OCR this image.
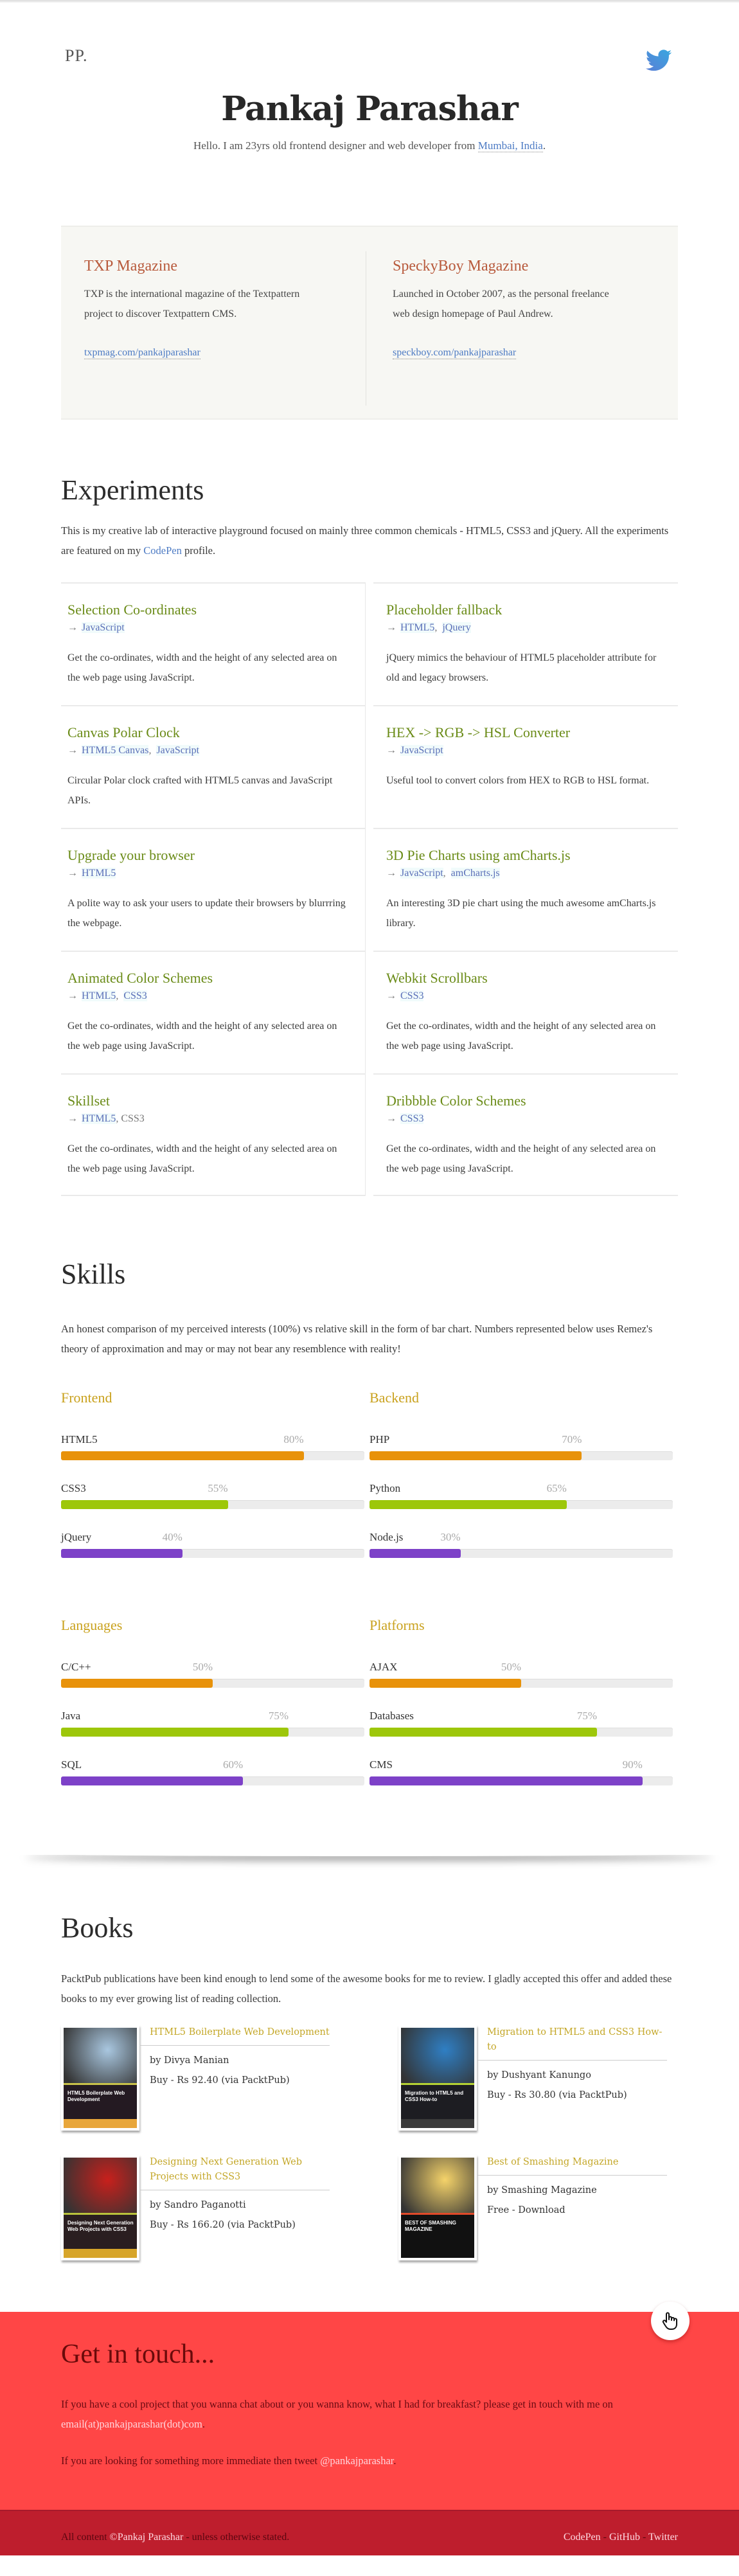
PP.
Pankaj Parashar

Hello. I am 23yrs old frontend designer and web developer from Mumbai, India.

TXP Magazine

TXP is the international magazine of the Textpattern project to discover Textpattern CMS.

txpmag.com/pankajparashar
SpeckyBoy Magazine

Launched in October 2007, as the personal freelance web design homepage of Paul Andrew.

speckboy.com/pankajparashar
Experiments

This is my creative lab of interactive playground focused on mainly three common chemicals - HTML5, CSS3 and jQuery. All the experiments are featured on my CodePen profile.

Selection Co-ordinates
→ JavaScript

Get the co-ordinates, width and the height of any selected area on the web page using JavaScript.

Placeholder fallback
→ HTML5,  jQuery

jQuery mimics the behaviour of HTML5 placeholder attribute for old and legacy browsers.

Canvas Polar Clock
→ HTML5 Canvas,  JavaScript

Circular Polar clock crafted with HTML5 canvas and JavaScript APIs.

HEX -> RGB -> HSL Converter
→ JavaScript

Useful tool to convert colors from HEX to RGB to HSL format.

Upgrade your browser
→ HTML5

A polite way to ask your users to update their browsers by blurrring the webpage.

3D Pie Charts using amCharts.js
→ JavaScript,  amCharts.js

An interesting 3D pie chart using the much awesome amCharts.js library.

Animated Color Schemes
→ HTML5,  CSS3

Get the co-ordinates, width and the height of any selected area on the web page using JavaScript.

Webkit Scrollbars
→ CSS3

Get the co-ordinates, width and the height of any selected area on the web page using JavaScript.

Skillset
→ HTML5, CSS3

Get the co-ordinates, width and the height of any selected area on the web page using JavaScript.

Dribbble Color Schemes
→ CSS3

Get the co-ordinates, width and the height of any selected area on the web page using JavaScript.

Skills

An honest comparison of my perceived interests (100%) vs relative skill in the form of bar chart. Numbers represented below uses Remez's theory of approximation and may or may not bear any resemblence with reality!

Frontend
HTML5	80%
CSS3	55%
jQuery	40%
Backend
PHP	70%
Python	65%
Node.js	30%
Languages
C/C++	50%
Java	75%
SQL	60%
Platforms
AJAX	50%
Databases	75%
CMS	90%
Books

PacktPub publications have been kind enough to lend some of the awesome books for me to review. I gladly accepted this offer and added these books to my ever growing list of reading collection.

HTML5 Boilerplate Web Development
HTML5 Boilerplate Web Development
by Divya Manian
Buy - Rs 92.40 (via PacktPub)
Migration to HTML5 and CSS3 How-to
Migration to HTML5 and CSS3 How-to
by Dushyant Kanungo
Buy - Rs 30.80 (via PacktPub)
Designing Next Generation Web Projects with CSS3
Designing Next Generation Web Projects with CSS3
by Sandro Paganotti
Buy - Rs 166.20 (via PacktPub)	BEST OF SMASHING MAGAZINE
Best of Smashing Magazine
by Smashing Magazine
Free - Download
Get in touch...

If you have a cool project that you wanna chat about or you wanna know, what I had for breakfast? please get in touch with me on email(at)pankajparashar(dot)com.

If you are looking for something more immediate then tweet @pankajparashar.

All content ©Pankaj Parashar - unless otherwise stated.	CodePen - GitHub - Twitter
